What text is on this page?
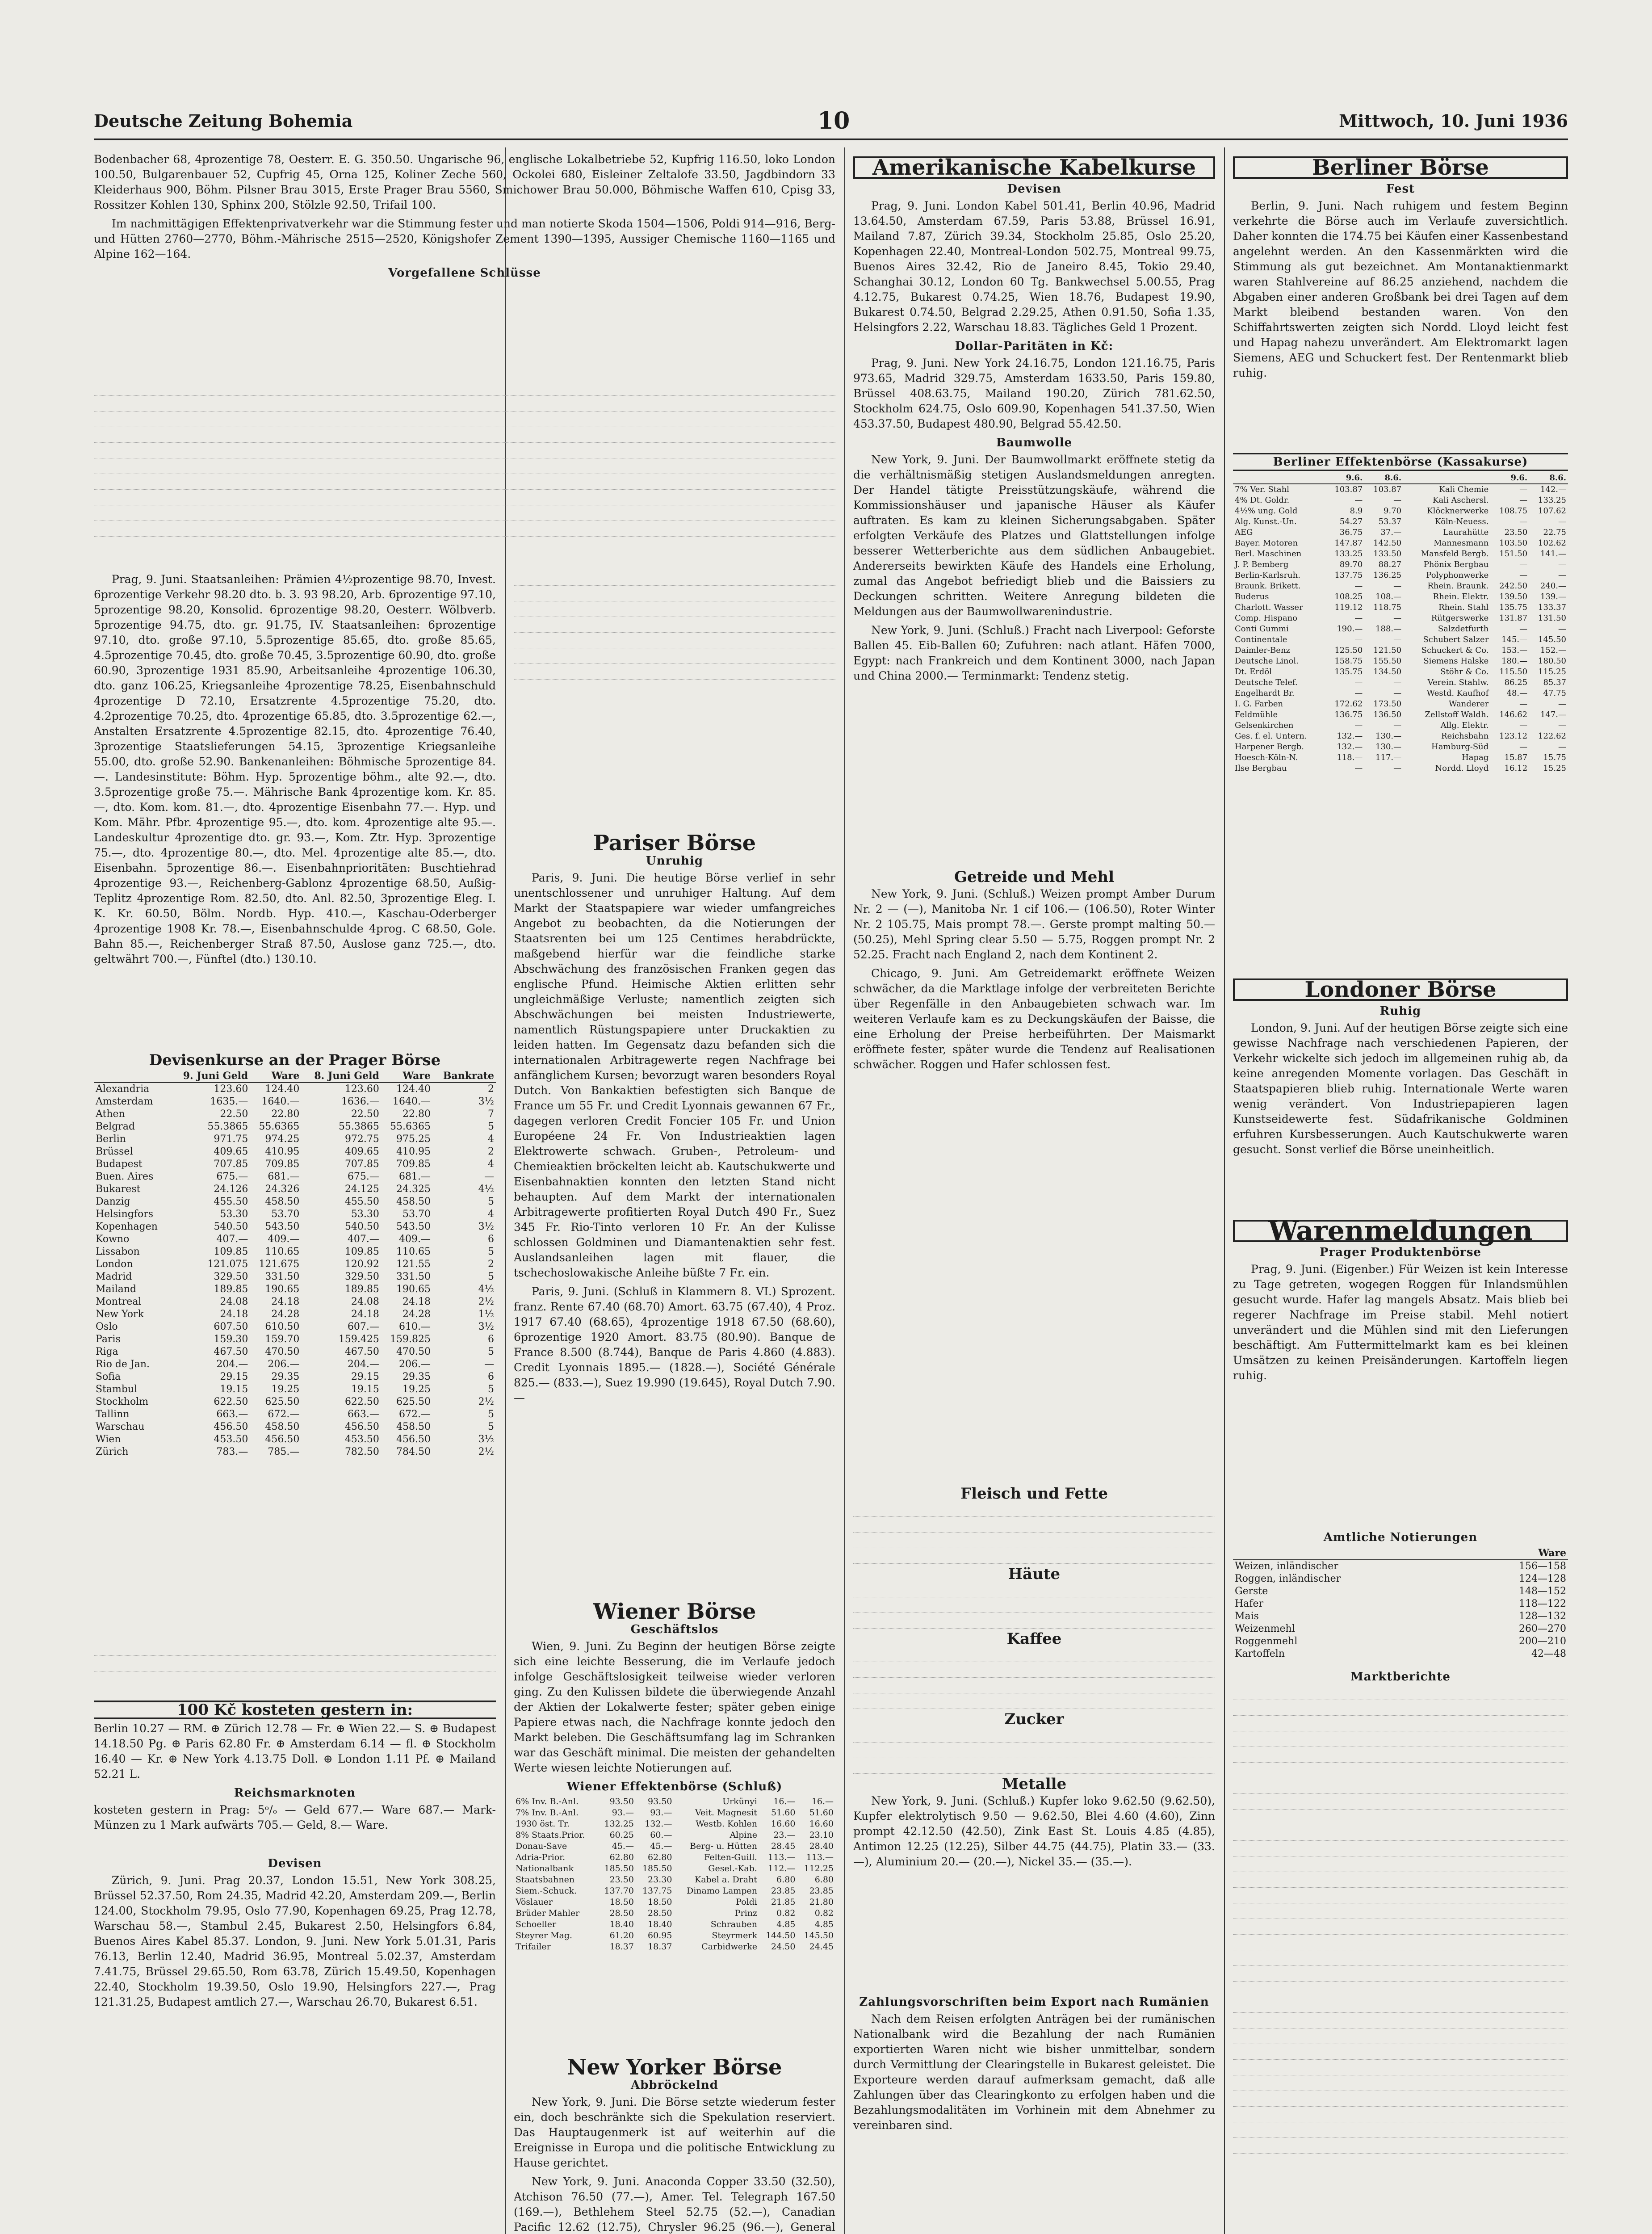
Deutsche Zeitung Bohemia	10	Mittwoch, 10. Juni 1936

Bodenbacher 68, 4prozentige 78, Oesterr. E. G. 350.50. Ungarische 96, englische Lokalbetriebe 52, Kupfrig 116.50, loko London 100.50, Bulgarenbauer 52, Cupfrig 45, Orna 125, Koliner Zeche 560, Ockolei 680, Eisleiner Zeltalofe 33.50, Jagdbindorn 33 Kleiderhaus 900, Böhm. Pilsner Brau 3015, Erste Prager Brau 5560, Smichower Brau 50.000, Böhmische Waffen 610, Cpisg 33, Rossitzer Kohlen 130, Sphinx 200, Stölzle 92.50, Trifail 100.

Im nachmittägigen Effektenprivatverkehr war die Stimmung fester und man notierte Skoda 1504—1506, Poldi 914—916, Berg- und Hütten 2760—2770, Böhm.-Mährische 2515—2520, Königshofer Zement 1390—1395, Aussiger Chemische 1160—1165 und Alpine 162—164.

Vorgefallene Schlüsse

Prag, 9. Juni. Staatsanleihen: Prämien 4½prozentige 98.70, Invest. 6prozentige Verkehr 98.20 dto. b. 3. 93 98.20, Arb. 6prozentige 97.10, 5prozentige 98.20, Konsolid. 6prozentige 98.20, Oesterr. Wölbverb. 5prozentige 94.75, dto. gr. 91.75, IV. Staatsanleihen: 6prozentige 97.10, dto. große 97.10, 5.5prozentige 85.65, dto. große 85.65, 4.5prozentige 70.45, dto. große 70.45, 3.5prozentige 60.90, dto. große 60.90, 3prozentige 1931 85.90, Arbeitsanleihe 4prozentige 106.30, dto. ganz 106.25, Kriegsanleihe 4prozentige 78.25, Eisenbahnschuld 4prozentige D 72.10, Ersatzrente 4.5prozentige 75.20, dto. 4.2prozentige 70.25, dto. 4prozentige 65.85, dto. 3.5prozentige 62.—, Anstalten Ersatzrente 4.5prozentige 82.15, dto. 4prozentige 76.40, 3prozentige Staatslieferungen 54.15, 3prozentige Kriegsanleihe 55.00, dto. große 52.90. Bankenanleihen: Böhmische 5prozentige 84.—. Landesinstitute: Böhm. Hyp. 5prozentige böhm., alte 92.—, dto. 3.5prozentige große 75.—. Mährische Bank 4prozentige kom. Kr. 85.—, dto. Kom. kom. 81.—, dto. 4prozentige Eisenbahn 77.—. Hyp. und Kom. Mähr. Pfbr. 4prozentige 95.—, dto. kom. 4prozentige alte 95.—. Landeskultur 4prozentige dto. gr. 93.—, Kom. Ztr. Hyp. 3prozentige 75.—, dto. 4prozentige 80.—, dto. Mel. 4prozentige alte 85.—, dto. Eisenbahn. 5prozentige 86.—. Eisenbahnprioritäten: Buschtiehrad 4prozentige 93.—, Reichenberg-Gablonz 4prozentige 68.50, Außig-Teplitz 4prozentige Rom. 82.50, dto. Anl. 82.50, 3prozentige Eleg. I. K. Kr. 60.50, Bölm. Nordb. Hyp. 410.—, Kaschau-Oderberger 4prozentige 1908 Kr. 78.—, Eisenbahnschulde 4prog. C 68.50, Gole. Bahn 85.—, Reichenberger Straß 87.50, Auslose ganz 725.—, dto. geltwährt 700.—, Fünftel (dto.) 130.10.

Devisenkurse an der Prager Börse
	9. Juni Geld	Ware	8. Juni Geld	Ware	Bankrate
Alexandria	123.60	124.40	123.60	124.40	2
Amsterdam	1635.—	1640.—	1636.—	1640.—	3½
Athen	22.50	22.80	22.50	22.80	7
Belgrad	55.3865	55.6365	55.3865	55.6365	5
Berlin	971.75	974.25	972.75	975.25	4
Brüssel	409.65	410.95	409.65	410.95	2
Budapest	707.85	709.85	707.85	709.85	4
Buen. Aires	675.—	681.—	675.—	681.—	—
Bukarest	24.126	24.326	24.125	24.325	4½
Danzig	455.50	458.50	455.50	458.50	5
Helsingfors	53.30	53.70	53.30	53.70	4
Kopenhagen	540.50	543.50	540.50	543.50	3½
Kowno	407.—	409.—	407.—	409.—	6
Lissabon	109.85	110.65	109.85	110.65	5
London	121.075	121.675	120.92	121.55	2
Madrid	329.50	331.50	329.50	331.50	5
Mailand	189.85	190.65	189.85	190.65	4½
Montreal	24.08	24.18	24.08	24.18	2½
New York	24.18	24.28	24.18	24.28	1½
Oslo	607.50	610.50	607.—	610.—	3½
Paris	159.30	159.70	159.425	159.825	6
Riga	467.50	470.50	467.50	470.50	5
Rio de Jan.	204.—	206.—	204.—	206.—	—
Sofia	29.15	29.35	29.15	29.35	6
Stambul	19.15	19.25	19.15	19.25	5
Stockholm	622.50	625.50	622.50	625.50	2½
Tallinn	663.—	672.—	663.—	672.—	5
Warschau	456.50	458.50	456.50	458.50	5
Wien	453.50	456.50	453.50	456.50	3½
Zürich	783.—	785.—	782.50	784.50	2½
100 Kč kosteten gestern in:

Berlin 10.27 — RM. ⊕ Zürich 12.78 — Fr. ⊕ Wien 22.— S. ⊕ Budapest 14.18.50 Pg. ⊕ Paris 62.80 Fr. ⊕ Amsterdam 6.14 — fl. ⊕ Stockholm 16.40 — Kr. ⊕ New York 4.13.75 Doll. ⊕ London 1.11 Pf. ⊕ Mailand 52.21 L.

Reichsmarknoten

kosteten gestern in Prag: 5ᵒ/ₒ — Geld 677.— Ware 687.— Mark-Münzen zu 1 Mark aufwärts 705.— Geld, 8.— Ware.

Devisen

Zürich, 9. Juni. Prag 20.37, London 15.51, New York 308.25, Brüssel 52.37.50, Rom 24.35, Madrid 42.20, Amsterdam 209.—, Berlin 124.00, Stockholm 79.95, Oslo 77.90, Kopenhagen 69.25, Prag 12.78, Warschau 58.—, Stambul 2.45, Bukarest 2.50, Helsingfors 6.84, Buenos Aires Kabel 85.37. London, 9. Juni. New York 5.01.31, Paris 76.13, Berlin 12.40, Madrid 36.95, Montreal 5.02.37, Amsterdam 7.41.75, Brüssel 29.65.50, Rom 63.78, Zürich 15.49.50, Kopenhagen 22.40, Stockholm 19.39.50, Oslo 19.90, Helsingfors 227.—, Prag 121.31.25, Budapest amtlich 27.—, Warschau 26.70, Bukarest 6.51.

Pariser Börse
Unruhig

Paris, 9. Juni. Die heutige Börse verlief in sehr unentschlossener und unruhiger Haltung. Auf dem Markt der Staatspapiere war wieder umfangreiches Angebot zu beobachten, da die Notierungen der Staatsrenten bei um 125 Centimes herabdrückte, maßgebend hierfür war die feindliche starke Abschwächung des französischen Franken gegen das englische Pfund. Heimische Aktien erlitten sehr ungleichmäßige Verluste; namentlich zeigten sich Abschwächungen bei meisten Industriewerte, namentlich Rüstungspapiere unter Druckaktien zu leiden hatten. Im Gegensatz dazu befanden sich die internationalen Arbitragewerte regen Nachfrage bei anfänglichem Kursen; bevorzugt waren besonders Royal Dutch. Von Bankaktien befestigten sich Banque de France um 55 Fr. und Credit Lyonnais gewannen 67 Fr., dagegen verloren Credit Foncier 105 Fr. und Union Européene 24 Fr. Von Industrieaktien lagen Elektrowerte schwach. Gruben-, Petroleum- und Chemieaktien bröckelten leicht ab. Kautschukwerte und Eisenbahnaktien konnten den letzten Stand nicht behaupten. Auf dem Markt der internationalen Arbitragewerte profitierten Royal Dutch 490 Fr., Suez 345 Fr. Rio-Tinto verloren 10 Fr. An der Kulisse schlossen Goldminen und Diamantenaktien sehr fest. Auslandsanleihen lagen mit flauer, die tschechoslowakische Anleihe büßte 7 Fr. ein.

Paris, 9. Juni. (Schluß in Klammern 8. VI.) Sprozent. franz. Rente 67.40 (68.70) Amort. 63.75 (67.40), 4 Proz. 1917 67.40 (68.65), 4prozentige 1918 67.50 (68.60), 6prozentige 1920 Amort. 83.75 (80.90). Banque de France 8.500 (8.744), Banque de Paris 4.860 (4.883). Credit Lyonnais 1895.— (1828.—), Société Générale 825.— (833.—), Suez 19.990 (19.645), Royal Dutch 7.90.—

Wiener Börse
Geschäftslos

Wien, 9. Juni. Zu Beginn der heutigen Börse zeigte sich eine leichte Besserung, die im Verlaufe jedoch infolge Geschäftslosigkeit teilweise wieder verloren ging. Zu den Kulissen bildete die überwiegende Anzahl der Aktien der Lokalwerte fester; später geben einige Papiere etwas nach, die Nachfrage konnte jedoch den Markt beleben. Die Geschäftsumfang lag im Schranken war das Geschäft minimal. Die meisten der gehandelten Werte wiesen leichte Notierungen auf.

Wiener Effektenbörse (Schluß)
6% Inv. B.-Anl.	93.50	93.50	Urkünyi	16.—	16.—
7% Inv. B.-Anl.	93.—	93.—	Veit. Magnesit	51.60	51.60
1930 öst. Tr.	132.25	132.—	Westb. Kohlen	16.60	16.60
8% Staats.Prior.	60.25	60.—	Alpine	23.—	23.10
Donau-Save	45.—	45.—	Berg- u. Hütten	28.45	28.40
Adria-Prior.	62.80	62.80	Felten-Guill.	113.—	113.—
Nationalbank	185.50	185.50	Gesel.-Kab.	112.—	112.25
Staatsbahnen	23.50	23.30	Kabel a. Draht	6.80	6.80
Siem.-Schuck.	137.70	137.75	Dinamo Lampen	23.85	23.85
Vöslauer	18.50	18.50	Poldi	21.85	21.80
Brüder Mahler	28.50	28.50	Prinz	0.82	0.82
Schoeller	18.40	18.40	Schrauben	4.85	4.85
Steyrer Mag.	61.20	60.95	Steyrmerk	144.50	145.50
Trifailer	18.37	18.37	Carbidwerke	24.50	24.45
New Yorker Börse
Abbröckelnd

New York, 9. Juni. Die Börse setzte wiederum fester ein, doch beschränkte sich die Spekulation reserviert. Das Hauptaugenmerk ist auf weiterhin auf die Ereignisse in Europa und die politische Entwicklung zu Hause gerichtet.

New York, 9. Juni. Anaconda Copper 33.50 (32.50), Atchison 76.50 (77.—), Amer. Tel. Telegraph 167.50 (169.—), Bethlehem Steel 52.75 (52.—), Canadian Pacific 12.62 (12.75), Chrysler 96.25 (96.—), General

Amerikanische Kabelkurse
Devisen

Prag, 9. Juni. London Kabel 501.41, Berlin 40.96, Madrid 13.64.50, Amsterdam 67.59, Paris 53.88, Brüssel 16.91, Mailand 7.87, Zürich 39.34, Stockholm 25.85, Oslo 25.20, Kopenhagen 22.40, Montreal-London 502.75, Montreal 99.75, Buenos Aires 32.42, Rio de Janeiro 8.45, Tokio 29.40, Schanghai 30.12, London 60 Tg. Bankwechsel 5.00.55, Prag 4.12.75, Bukarest 0.74.25, Wien 18.76, Budapest 19.90, Bukarest 0.74.50, Belgrad 2.29.25, Athen 0.91.50, Sofia 1.35, Helsingfors 2.22, Warschau 18.83. Tägliches Geld 1 Prozent.

Dollar-Paritäten in Kč:

Prag, 9. Juni. New York 24.16.75, London 121.16.75, Paris 973.65, Madrid 329.75, Amsterdam 1633.50, Paris 159.80, Brüssel 408.63.75, Mailand 190.20, Zürich 781.62.50, Stockholm 624.75, Oslo 609.90, Kopenhagen 541.37.50, Wien 453.37.50, Budapest 480.90, Belgrad 55.42.50.

Baumwolle

New York, 9. Juni. Der Baumwollmarkt eröffnete stetig da die verhältnismäßig stetigen Auslandsmeldungen anregten. Der Handel tätigte Preisstützungskäufe, während die Kommissionshäuser und japanische Häuser als Käufer auftraten. Es kam zu kleinen Sicherungsabgaben. Später erfolgten Verkäufe des Platzes und Glattstellungen infolge besserer Wetterberichte aus dem südlichen Anbaugebiet. Andererseits bewirkten Käufe des Handels eine Erholung, zumal das Angebot befriedigt blieb und die Baissiers zu Deckungen schritten. Weitere Anregung bildeten die Meldungen aus der Baumwollwarenindustrie.

New York, 9. Juni. (Schluß.) Fracht nach Liverpool: Geforste Ballen 45. Eib-Ballen 60; Zufuhren: nach atlant. Häfen 7000, Egypt: nach Frankreich und dem Kontinent 3000, nach Japan und China 2000.— Terminmarkt: Tendenz stetig.

Getreide und Mehl

New York, 9. Juni. (Schluß.) Weizen prompt Amber Durum Nr. 2 — (—), Manitoba Nr. 1 cif 106.— (106.50), Roter Winter Nr. 2 105.75, Mais prompt 78.—. Gerste prompt malting 50.— (50.25), Mehl Spring clear 5.50 — 5.75, Roggen prompt Nr. 2 52.25. Fracht nach England 2, nach dem Kontinent 2.

Chicago, 9. Juni. Am Getreidemarkt eröffnete Weizen schwächer, da die Marktlage infolge der verbreiteten Berichte über Regenfälle in den Anbaugebieten schwach war. Im weiteren Verlaufe kam es zu Deckungskäufen der Baisse, die eine Erholung der Preise herbeiführten. Der Maismarkt eröffnete fester, später wurde die Tendenz auf Realisationen schwächer. Roggen und Hafer schlossen fest.

Fleisch und Fette
Häute
Kaffee
Zucker
Metalle

New York, 9. Juni. (Schluß.) Kupfer loko 9.62.50 (9.62.50), Kupfer elektrolytisch 9.50 — 9.62.50, Blei 4.60 (4.60), Zinn prompt 42.12.50 (42.50), Zink East St. Louis 4.85 (4.85), Antimon 12.25 (12.25), Silber 44.75 (44.75), Platin 33.— (33.—), Aluminium 20.— (20.—), Nickel 35.— (35.—).

Zahlungsvorschriften beim Export nach Rumänien

Nach dem Reisen erfolgten Anträgen bei der rumänischen Nationalbank wird die Bezahlung der nach Rumänien exportierten Waren nicht wie bisher unmittelbar, sondern durch Vermittlung der Clearingstelle in Bukarest geleistet. Die Exporteure werden darauf aufmerksam gemacht, daß alle Zahlungen über das Clearingkonto zu erfolgen haben und die Bezahlungsmodalitäten im Vorhinein mit dem Abnehmer zu vereinbaren sind.

Berliner Börse
Fest

Berlin, 9. Juni. Nach ruhigem und festem Beginn verkehrte die Börse auch im Verlaufe zuversichtlich. Daher konnten die 174.75 bei Käufen einer Kassenbestand angelehnt werden. An den Kassenmärkten wird die Stimmung als gut bezeichnet. Am Montanaktienmarkt waren Stahlvereine auf 86.25 anziehend, nachdem die Abgaben einer anderen Großbank bei drei Tagen auf dem Markt bleibend bestanden waren. Von den Schiffahrtswerten zeigten sich Nordd. Lloyd leicht fest und Hapag nahezu unverändert. Am Elektromarkt lagen Siemens, AEG und Schuckert fest. Der Rentenmarkt blieb ruhig.

Berliner Effektenbörse (Kassakurse)
	9.6.	8.6.		9.6.	8.6.
7% Ver. Stahl	103.87	103.87	Kali Chemie	—	142.—
4% Dt. Goldr.	—	—	Kali Aschersl.	—	133.25
4½% ung. Gold	8.9	9.70	Klöcknerwerke	108.75	107.62
Alg. Kunst.-Un.	54.27	53.37	Köln-Neuess.	—	—
AEG	36.75	37.—	Laurahütte	23.50	22.75
Bayer. Motoren	147.87	142.50	Mannesmann	103.50	102.62
Berl. Maschinen	133.25	133.50	Mansfeld Bergb.	151.50	141.—
J. P. Bemberg	89.70	88.27	Phönix Bergbau	—	—
Berlin-Karlsruh.	137.75	136.25	Polyphonwerke	—	—
Braunk. Brikett.	—	—	Rhein. Braunk.	242.50	240.—
Buderus	108.25	108.—	Rhein. Elektr.	139.50	139.—
Charlott. Wasser	119.12	118.75	Rhein. Stahl	135.75	133.37
Comp. Hispano	—	—	Rütgerswerke	131.87	131.50
Conti Gummi	190.—	188.—	Salzdetfurth	—	—
Continentale	—	—	Schubert Salzer	145.—	145.50
Daimler-Benz	125.50	121.50	Schuckert & Co.	153.—	152.—
Deutsche Linol.	158.75	155.50	Siemens Halske	180.—	180.50
Dt. Erdöl	135.75	134.50	Stöhr & Co.	115.50	115.25
Deutsche Telef.	—	—	Verein. Stahlw.	86.25	85.37
Engelhardt Br.	—	—	Westd. Kaufhof	48.—	47.75
I. G. Farben	172.62	173.50	Wanderer	—	—
Feldmühle	136.75	136.50	Zellstoff Waldh.	146.62	147.—
Gelsenkirchen	—	—	Allg. Elektr.	—	—
Ges. f. el. Untern.	132.—	130.—	Reichsbahn	123.12	122.62
Harpener Bergb.	132.—	130.—	Hamburg-Süd	—	—
Hoesch-Köln-N.	118.—	117.—	Hapag	15.87	15.75
Ilse Bergbau	—	—	Nordd. Lloyd	16.12	15.25
Londoner Börse
Ruhig

London, 9. Juni. Auf der heutigen Börse zeigte sich eine gewisse Nachfrage nach verschiedenen Papieren, der Verkehr wickelte sich jedoch im allgemeinen ruhig ab, da keine anregenden Momente vorlagen. Das Geschäft in Staatspapieren blieb ruhig. Internationale Werte waren wenig verändert. Von Industriepapieren lagen Kunstseidewerte fest. Südafrikanische Goldminen erfuhren Kursbesserungen. Auch Kautschukwerte waren gesucht. Sonst verlief die Börse uneinheitlich.

Warenmeldungen
Prager Produktenbörse

Prag, 9. Juni. (Eigenber.) Für Weizen ist kein Interesse zu Tage getreten, wogegen Roggen für Inlandsmühlen gesucht wurde. Hafer lag mangels Absatz. Mais blieb bei regerer Nachfrage im Preise stabil. Mehl notiert unverändert und die Mühlen sind mit den Lieferungen beschäftigt. Am Futtermittelmarkt kam es bei kleinen Umsätzen zu keinen Preisänderungen. Kartoffeln liegen ruhig.

Amtliche Notierungen
	Ware
Weizen, inländischer	156—158
Roggen, inländischer	124—128
Gerste	148—152
Hafer	118—122
Mais	128—132
Weizenmehl	260—270
Roggenmehl	200—210
Kartoffeln	42—48
Marktberichte
